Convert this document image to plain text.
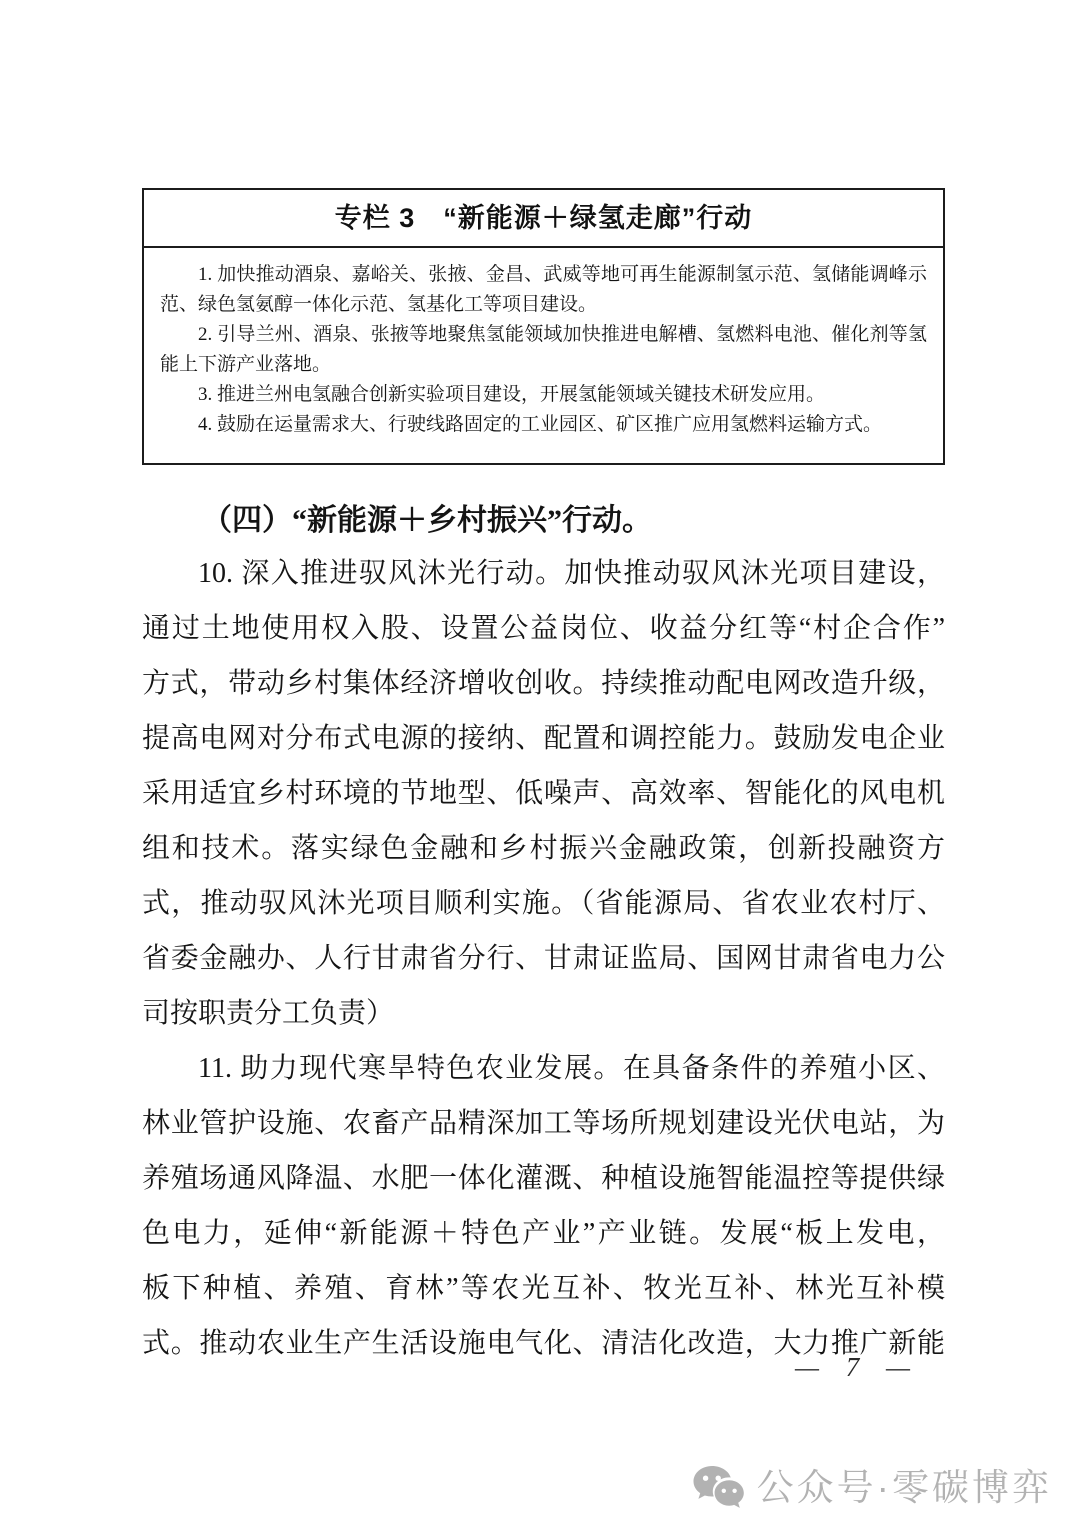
专栏 3　“新能源＋绿氢走廊”行动
1. 加快推动酒泉、嘉峪关、张掖、金昌、武威等地可再生能源制氢示范、氢储能调峰示
范、绿色氢氨醇一体化示范、氢基化工等项目建设。
2. 引导兰州、酒泉、张掖等地聚焦氢能领域加快推进电解槽、氢燃料电池、催化剂等氢
能上下游产业落地。
3. 推进兰州电氢融合创新实验项目建设，开展氢能领域关键技术研发应用。
4. 鼓励在运量需求大、行驶线路固定的工业园区、矿区推广应用氢燃料运输方式。
（四）“新能源＋乡村振兴”行动。
10. 深入推进驭风沐光行动。加快推动驭风沐光项目建设，
通过土地使用权入股、设置公益岗位、收益分红等“村企合作”
方式，带动乡村集体经济增收创收。持续推动配电网改造升级，
提高电网对分布式电源的接纳、配置和调控能力。鼓励发电企业
采用适宜乡村环境的节地型、低噪声、高效率、智能化的风电机
组和技术。落实绿色金融和乡村振兴金融政策，创新投融资方
式，推动驭风沐光项目顺利实施。（省能源局、省农业农村厅、
省委金融办、人行甘肃省分行、甘肃证监局、国网甘肃省电力公
司按职责分工负责）
11. 助力现代寒旱特色农业发展。在具备条件的养殖小区、
林业管护设施、农畜产品精深加工等场所规划建设光伏电站，为
养殖场通风降温、水肥一体化灌溉、种植设施智能温控等提供绿
色电力，延伸“新能源＋特色产业”产业链。发展“板上发电，
板下种植、养殖、育林”等农光互补、牧光互补、林光互补模
式。推动农业生产生活设施电气化、清洁化改造，大力推广新能
— 7 —
公众号·零碳博弈
